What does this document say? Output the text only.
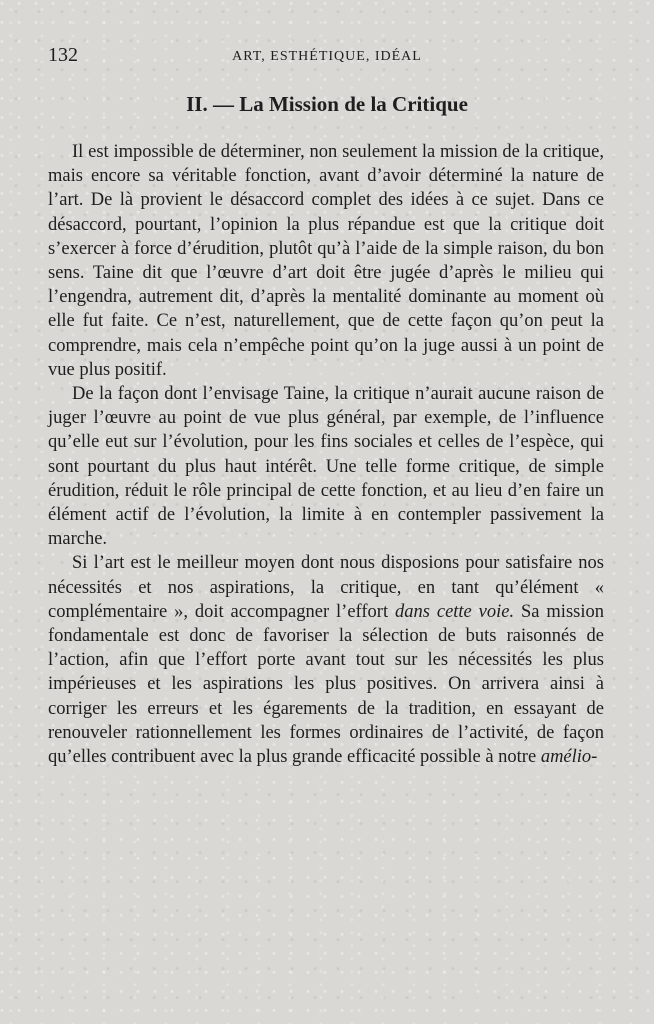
132	ART, ESTHÉTIQUE, IDÉAL
II. — La Mission de la Critique

Il est impossible de déterminer, non seulement la mission de la critique, mais encore sa véritable fonction, avant d’avoir déterminé la nature de l’art. De là provient le désaccord complet des idées à ce sujet. Dans ce désaccord, pourtant, l’opinion la plus répandue est que la critique doit s’exercer à force d’érudition, plutôt qu’à l’aide de la simple raison, du bon sens. Taine dit que l’œuvre d’art doit être jugée d’après le milieu qui l’engendra, autrement dit, d’après la mentalité dominante au moment où elle fut faite. Ce n’est, naturellement, que de cette façon qu’on peut la comprendre, mais cela n’empêche point qu’on la juge aussi à un point de vue plus positif.

De la façon dont l’envisage Taine, la critique n’aurait aucune raison de juger l’œuvre au point de vue plus général, par exemple, de l’influence qu’elle eut sur l’évolution, pour les fins sociales et celles de l’espèce, qui sont pourtant du plus haut intérêt. Une telle forme critique, de simple érudition, réduit le rôle principal de cette fonction, et au lieu d’en faire un élément actif de l’évolution, la limite à en contempler passivement la marche.

Si l’art est le meilleur moyen dont nous disposions pour satisfaire nos nécessités et nos aspirations, la critique, en tant qu’élément « complémentaire », doit accompagner l’effort dans cette voie. Sa mission fondamentale est donc de favoriser la sélection de buts raisonnés de l’action, afin que l’effort porte avant tout sur les nécessités les plus impérieuses et les aspirations les plus positives. On arrivera ainsi à corriger les erreurs et les égarements de la tradition, en essayant de renouveler rationnellement les formes ordinaires de l’activité, de façon qu’elles contribuent avec la plus grande efficacité possible à notre amélio-
